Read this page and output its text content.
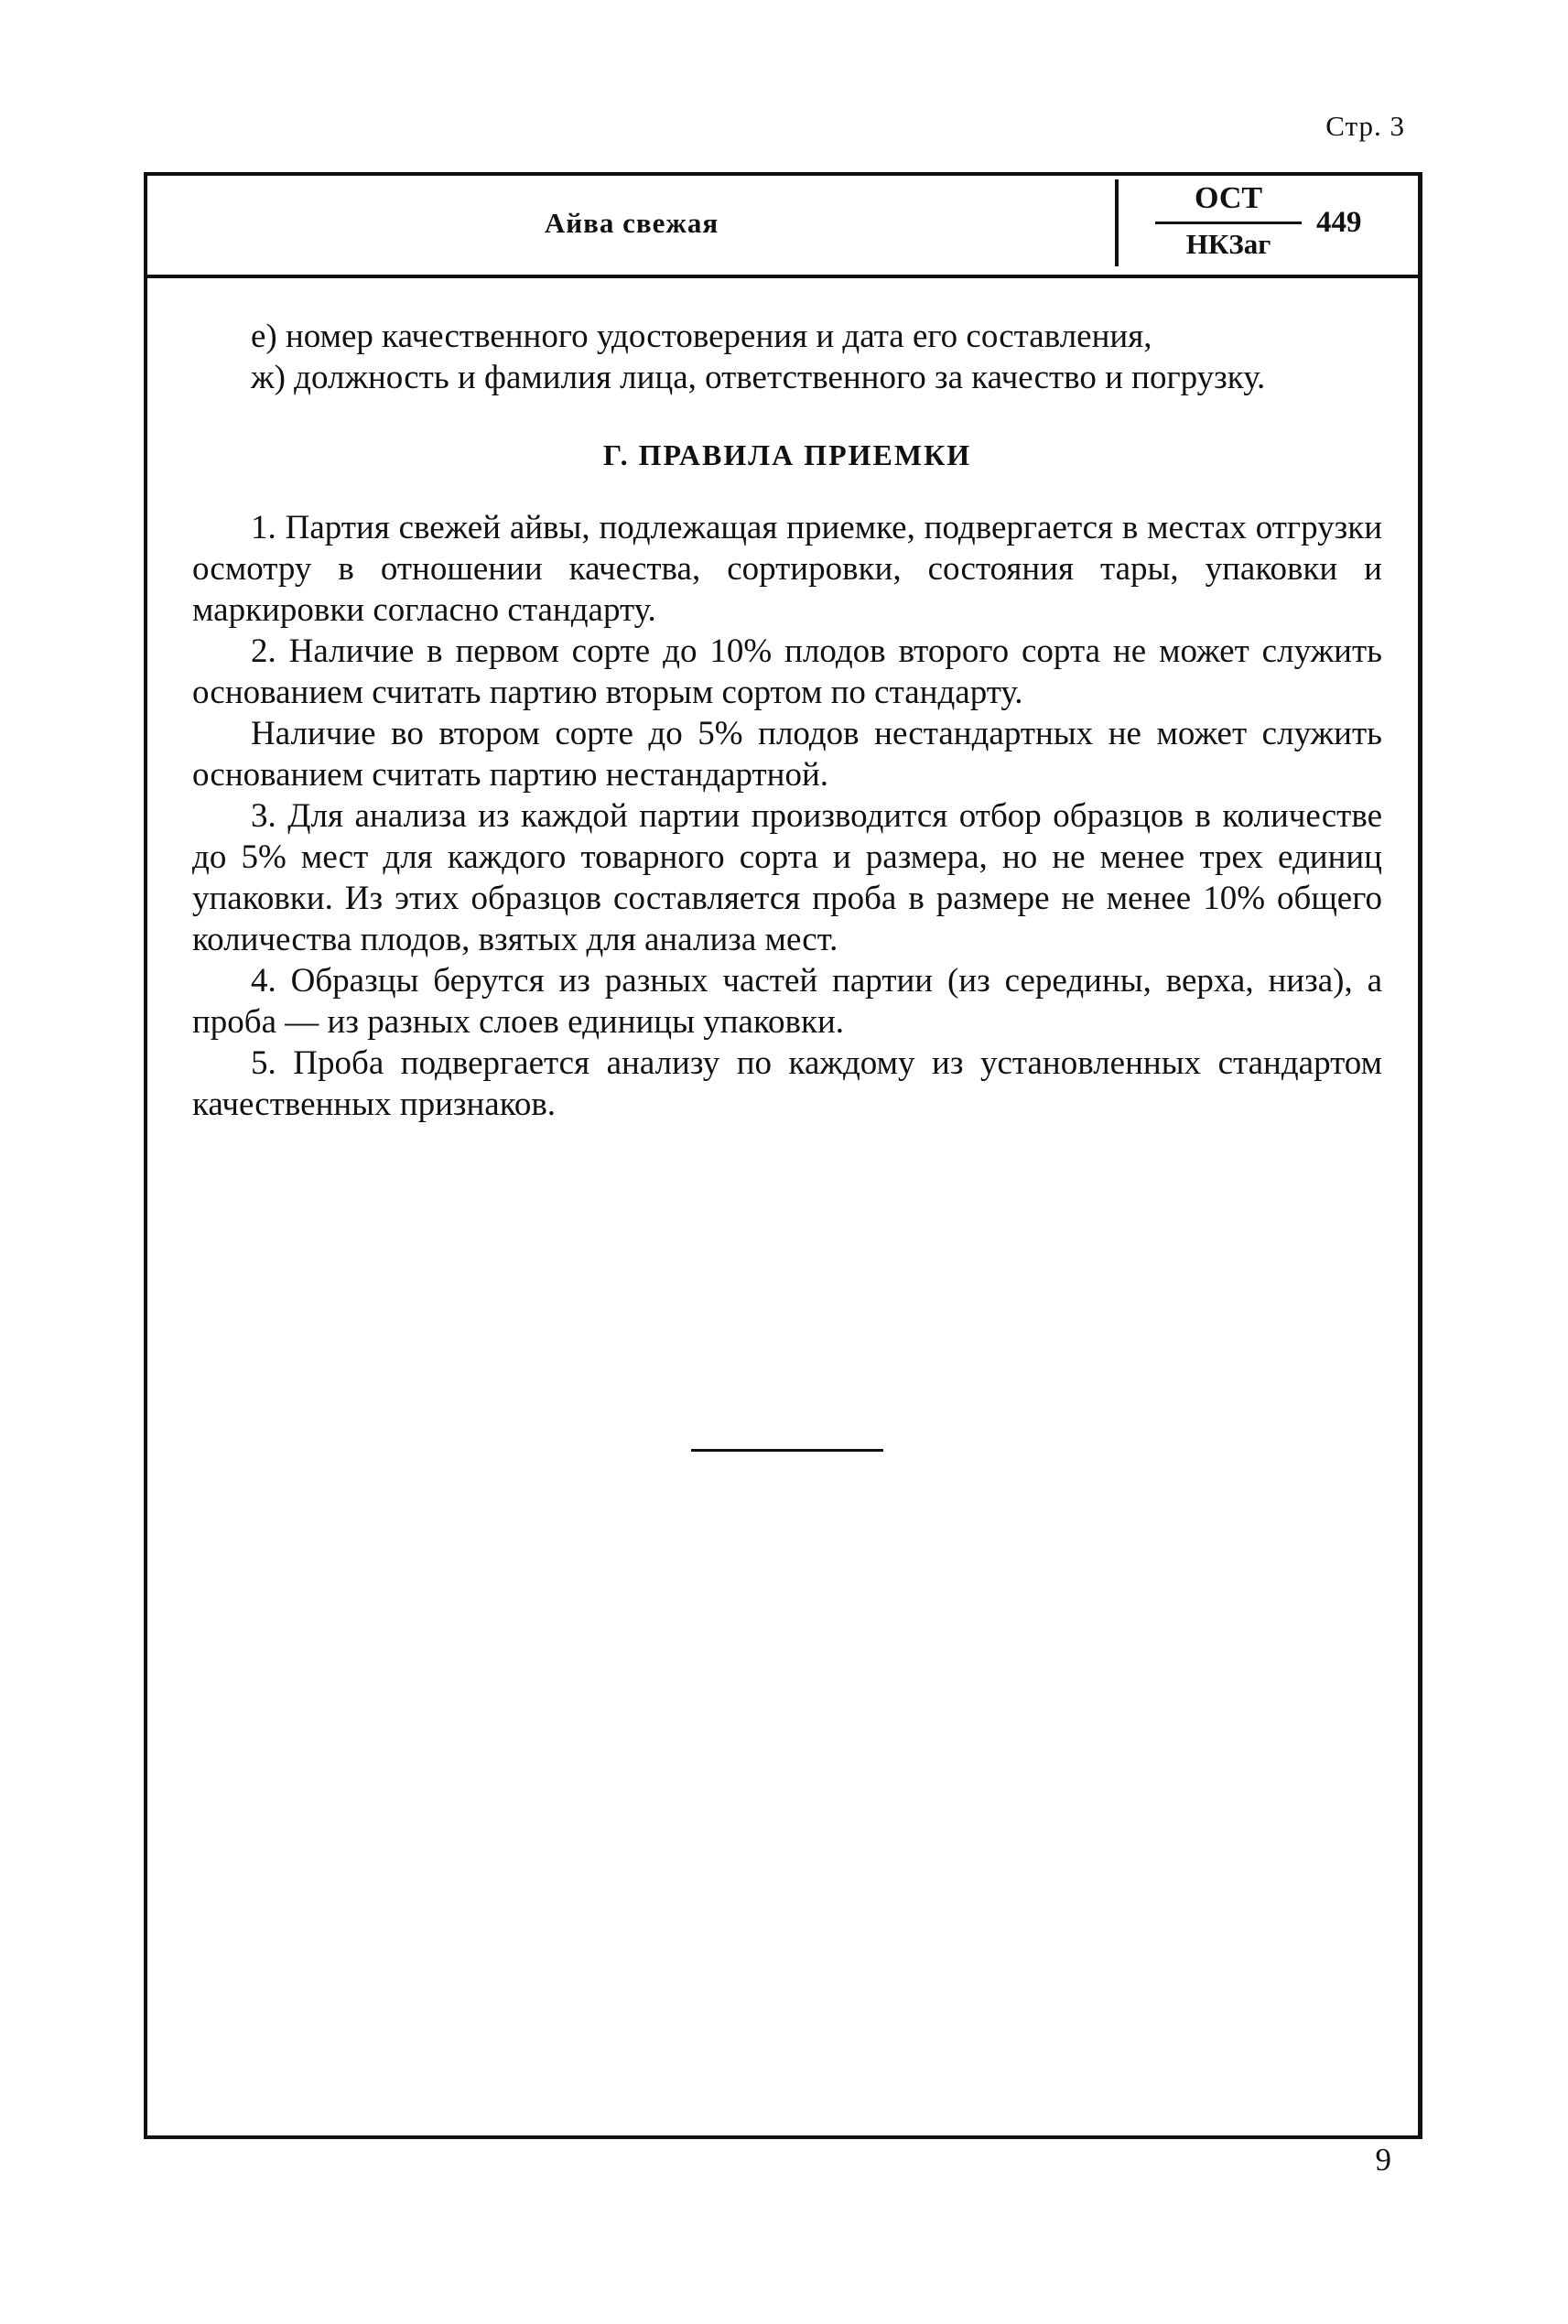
Стр. 3
Айва свежая
ОСТ
НКЗаг
449

е) номер качественного удостоверения и дата его составления,

ж) должность и фамилия лица, ответственного за качество и погрузку.

Г. ПРАВИЛА ПРИЕМКИ

1. Партия свежей айвы, подлежащая приемке, подвергается в местах отгрузки осмотру в отношении качества, сортировки, состояния тары, упаковки и маркировки согласно стандарту.

2. Наличие в первом сорте до 10% плодов второго сорта не может служить основанием считать партию вторым сортом по стандарту.

Наличие во втором сорте до 5% плодов нестандартных не может служить основанием считать партию нестандартной.

3. Для анализа из каждой партии производится отбор образцов в количестве до 5% мест для каждого товарного сорта и размера, но не менее трех единиц упаковки. Из этих образцов составляется проба в размере не менее 10% общего количества плодов, взятых для анализа мест.

4. Образцы берутся из разных частей партии (из середины, верха, низа), а проба — из разных слоев единицы упаковки.

5. Проба подвергается анализу по каждому из установленных стандартом качественных признаков.

9
